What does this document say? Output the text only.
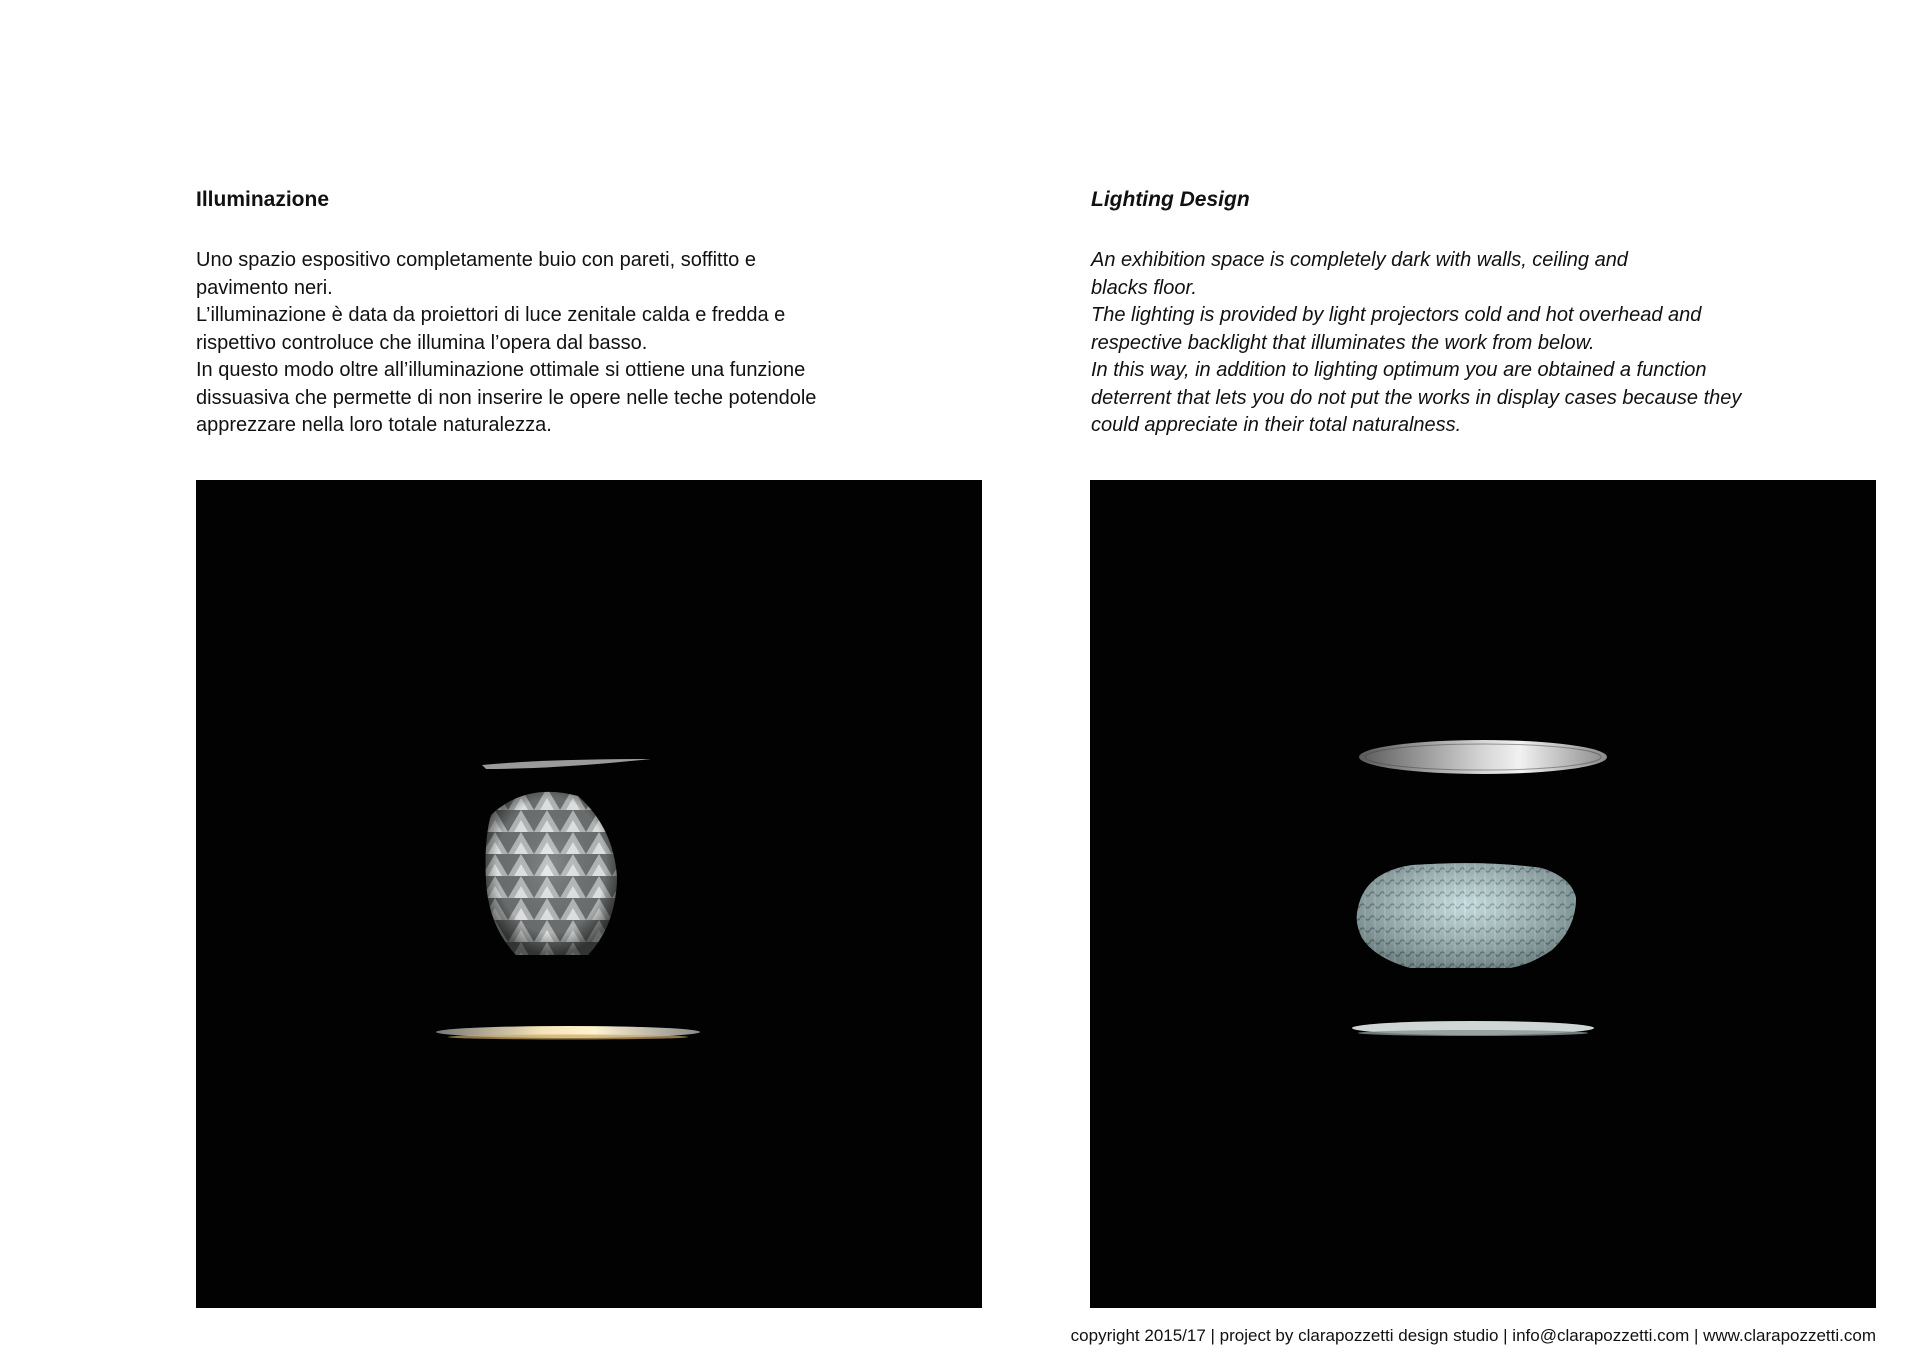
Illuminazione
Uno spazio espositivo completamente buio con pareti, soffitto e
pavimento neri.
L’illuminazione è data da proiettori di luce zenitale calda e fredda e
rispettivo controluce che illumina l’opera dal basso.
In questo modo oltre all’illuminazione ottimale si ottiene una funzione
dissuasiva che permette di non inserire le opere nelle teche potendole
apprezzare nella loro totale naturalezza.
Lighting Design
An exhibition space is completely dark with walls, ceiling and
blacks floor.
The lighting is provided by light projectors cold and hot overhead and
respective backlight that illuminates the work from below.
In this way, in addition to lighting optimum you are obtained a function
deterrent that lets you do not put the works in display cases because they
could appreciate in their total naturalness.
copyright 2015/17 | project by clarapozzetti design studio | info@clarapozzetti.com | www.clarapozzetti.com
